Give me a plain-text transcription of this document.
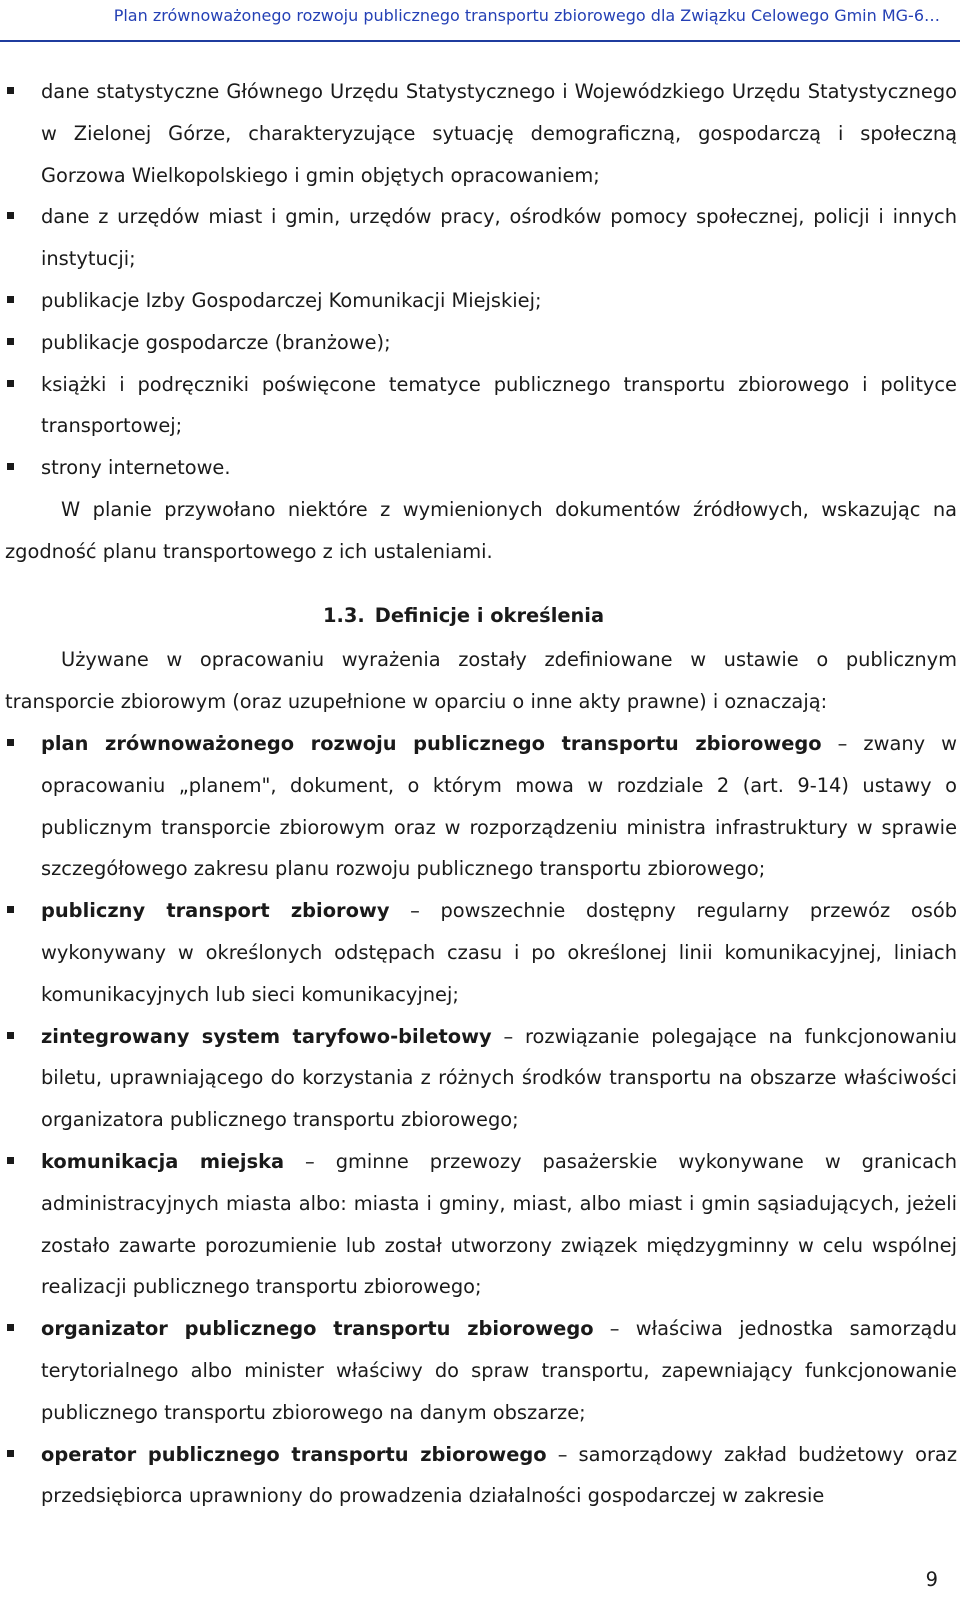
Plan zrównoważonego rozwoju publicznego transportu zbiorowego dla Związku Celowego Gmin MG-6…
dane statystyczne Głównego Urzędu Statystycznego i Wojewódzkiego Urzędu Statystycznego w Zielonej Górze, charakteryzujące sytuację demograficzną, gospodarczą i społeczną Gorzowa Wielkopolskiego i gmin objętych opracowaniem;
dane z urzędów miast i gmin, urzędów pracy, ośrodków pomocy społecznej, policji i innych instytucji;
publikacje Izby Gospodarczej Komunikacji Miejskiej;
publikacje gospodarcze (branżowe);
książki i podręczniki poświęcone tematyce publicznego transportu zbiorowego i polityce transportowej;
strony internetowe.

W planie przywołano niektóre z wymienionych dokumentów źródłowych, wskazując na zgodność planu transportowego z ich ustaleniami.

1.3. Definicje i określenia

Używane w opracowaniu wyrażenia zostały zdefiniowane w ustawie o publicznym transporcie zbiorowym (oraz uzupełnione w oparciu o inne akty prawne) i oznaczają:

plan zrównoważonego rozwoju publicznego transportu zbiorowego – zwany w opracowaniu „planem", dokument, o którym mowa w rozdziale 2 (art. 9-14) ustawy o publicznym transporcie zbiorowym oraz w rozporządzeniu ministra infrastruktury w sprawie szczegółowego zakresu planu rozwoju publicznego transportu zbiorowego;
publiczny transport zbiorowy – powszechnie dostępny regularny przewóz osób wykonywany w określonych odstępach czasu i po określonej linii komunikacyjnej, liniach komunikacyjnych lub sieci komunikacyjnej;
zintegrowany system taryfowo-biletowy – rozwiązanie polegające na funkcjonowaniu biletu, uprawniającego do korzystania z różnych środków transportu na obszarze właściwości organizatora publicznego transportu zbiorowego;
komunikacja miejska – gminne przewozy pasażerskie wykonywane w granicach administracyjnych miasta albo: miasta i gminy, miast, albo miast i gmin sąsiadujących, jeżeli zostało zawarte porozumienie lub został utworzony związek międzygminny w celu wspólnej realizacji publicznego transportu zbiorowego;
organizator publicznego transportu zbiorowego – właściwa jednostka samorządu terytorialnego albo minister właściwy do spraw transportu, zapewniający funkcjonowanie publicznego transportu zbiorowego na danym obszarze;
operator publicznego transportu zbiorowego – samorządowy zakład budżetowy oraz przedsiębiorca uprawniony do prowadzenia działalności gospodarczej w zakresie
9
